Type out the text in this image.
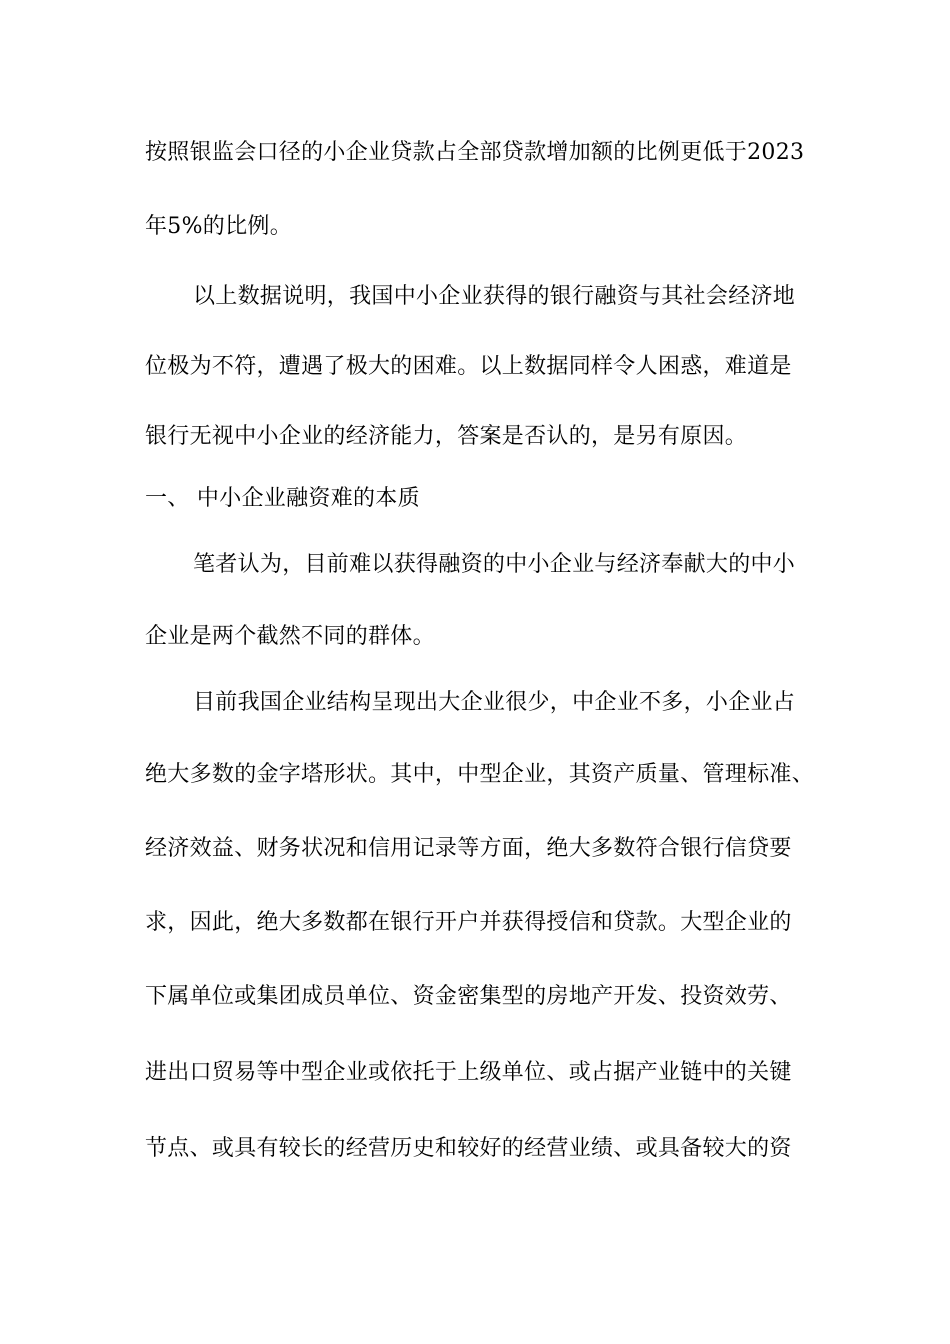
按照银监会口径的小企业贷款占全部贷款增加额的比例更低于2023
年5%的比例。
以上数据说明，我国中小企业获得的银行融资与其社会经济地
位极为不符，遭遇了极大的困难。以上数据同样令人困惑，难道是
银行无视中小企业的经济能力，答案是否认的，是另有原因。
一、 中小企业融资难的本质
笔者认为，目前难以获得融资的中小企业与经济奉献大的中小
企业是两个截然不同的群体。
目前我国企业结构呈现出大企业很少，中企业不多，小企业占
绝大多数的金字塔形状。其中，中型企业，其资产质量、管理标准、
经济效益、财务状况和信用记录等方面，绝大多数符合银行信贷要
求，因此，绝大多数都在银行开户并获得授信和贷款。大型企业的
下属单位或集团成员单位、资金密集型的房地产开发、投资效劳、
进出口贸易等中型企业或依托于上级单位、或占据产业链中的关键
节点、或具有较长的经营历史和较好的经营业绩、或具备较大的资
